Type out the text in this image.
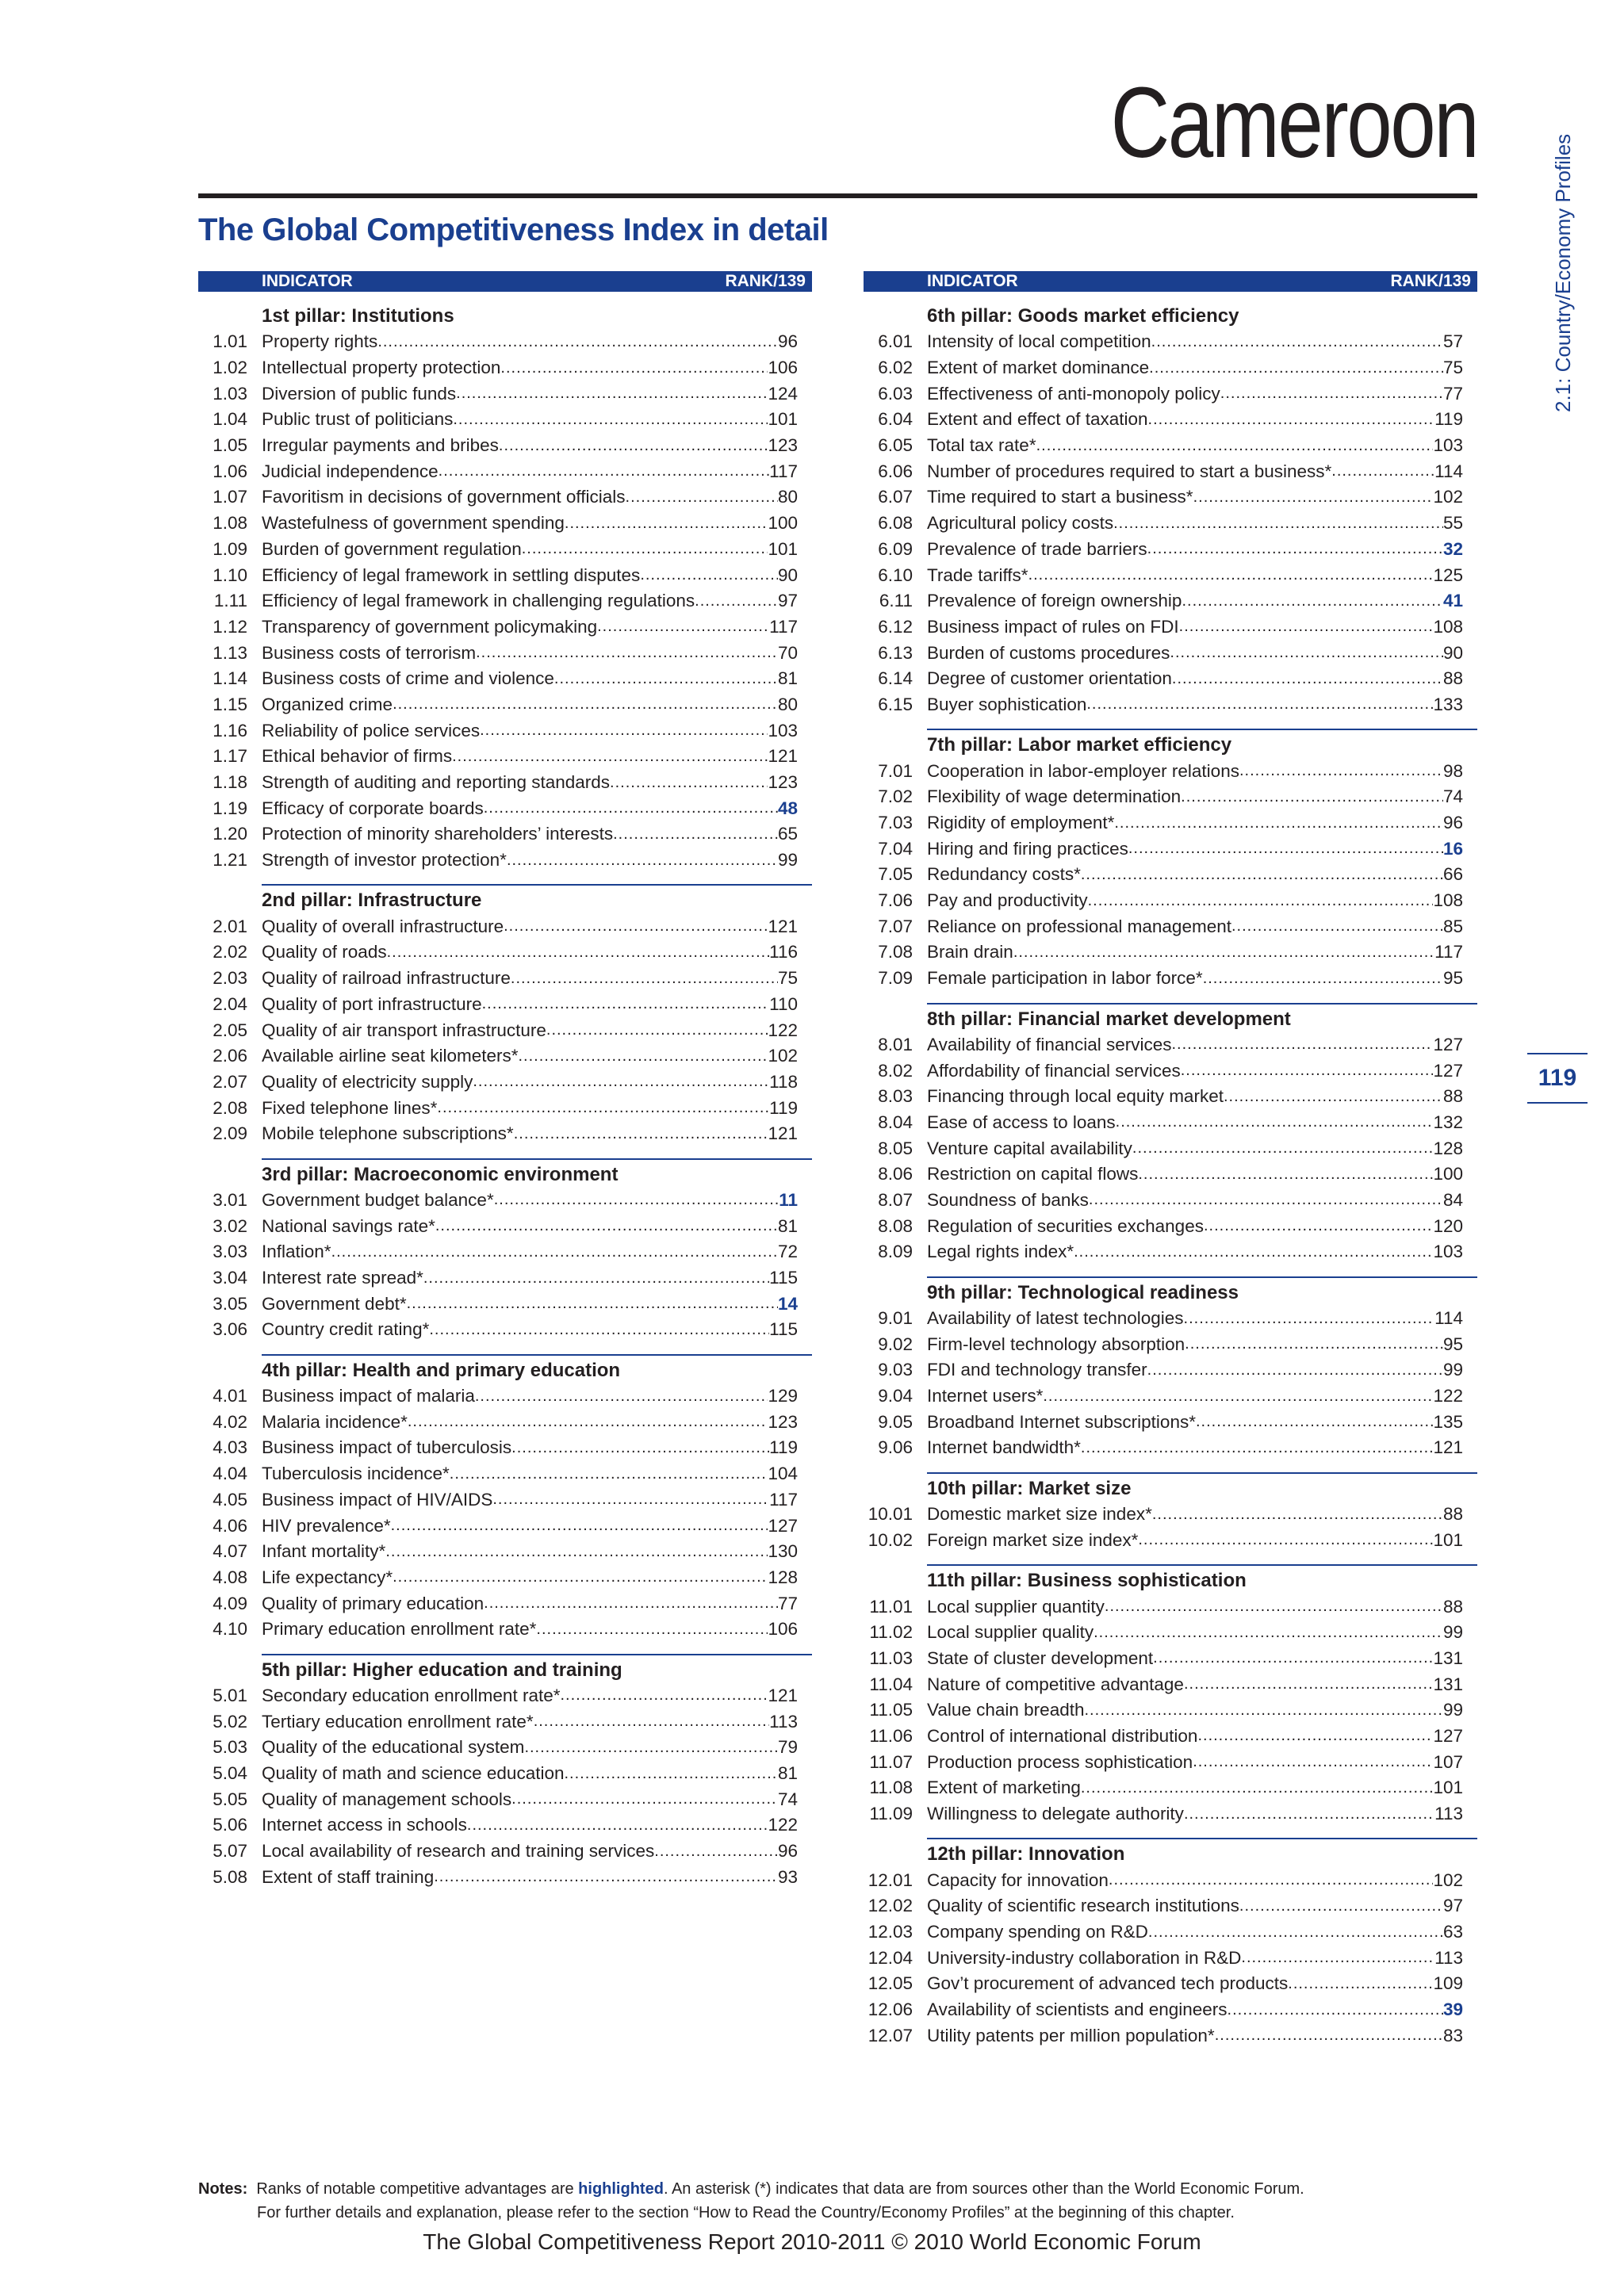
Cameroon
The Global Competitiveness Index in detail	2.1: Country/Economy Profiles
119
INDICATOR	RANK/139
1st pillar: Institutions
1.01 Property rights .....	96
1.02 Intellectual property protection .....	106
1.03 Diversion of public funds .....	124
1.04 Public trust of politicians .....	101
1.05 Irregular payments and bribes .....	123
1.06 Judicial independence .....	117
1.07 Favoritism in decisions of government officials .....	80
1.08 Wastefulness of government spending .....	100
1.09 Burden of government regulation .....	101
1.10 Efficiency of legal framework in settling disputes .....	90
1.11 Efficiency of legal framework in challenging regulations .....	97
1.12 Transparency of government policymaking .....	117
1.13 Business costs of terrorism .....	70
1.14 Business costs of crime and violence .....	81
1.15 Organized crime .....	80
1.16 Reliability of police services .....	103
1.17 Ethical behavior of firms .....	121
1.18 Strength of auditing and reporting standards .....	123
1.19 Efficacy of corporate boards .....	48
1.20 Protection of minority shareholders’ interests .....	65
1.21 Strength of investor protection* .....	99
2nd pillar: Infrastructure
2.01 Quality of overall infrastructure .....	121
2.02 Quality of roads .....	116
2.03 Quality of railroad infrastructure .....	75
2.04 Quality of port infrastructure .....	110
2.05 Quality of air transport infrastructure .....	122
2.06 Available airline seat kilometers* .....	102
2.07 Quality of electricity supply .....	118
2.08 Fixed telephone lines* .....	119
2.09 Mobile telephone subscriptions* .....	121
3rd pillar: Macroeconomic environment
3.01 Government budget balance* .....	11
3.02 National savings rate* .....	81
3.03 Inflation* .....	72
3.04 Interest rate spread* .....	115
3.05 Government debt* .....	14
3.06 Country credit rating* .....	115
4th pillar: Health and primary education
4.01 Business impact of malaria .....	129
4.02 Malaria incidence* .....	123
4.03 Business impact of tuberculosis .....	119
4.04 Tuberculosis incidence* .....	104
4.05 Business impact of HIV/AIDS .....	117
4.06 HIV prevalence* .....	127
4.07 Infant mortality* .....	130
4.08 Life expectancy* .....	128
4.09 Quality of primary education .....	77
4.10 Primary education enrollment rate* .....	106
5th pillar: Higher education and training
5.01 Secondary education enrollment rate* .....	121
5.02 Tertiary education enrollment rate* .....	113
5.03 Quality of the educational system .....	79
5.04 Quality of math and science education .....	81
5.05 Quality of management schools .....	74
5.06 Internet access in schools .....	122
5.07 Local availability of research and training services .....	96
5.08 Extent of staff training .....	93
INDICATOR	RANK/139
6th pillar: Goods market efficiency
6.01 Intensity of local competition .....	57
6.02 Extent of market dominance .....	75
6.03 Effectiveness of anti-monopoly policy .....	77
6.04 Extent and effect of taxation .....	119
6.05 Total tax rate* .....	103
6.06 Number of procedures required to start a business* .....	114
6.07 Time required to start a business* .....	102
6.08 Agricultural policy costs .....	55
6.09 Prevalence of trade barriers .....	32
6.10 Trade tariffs* .....	125
6.11 Prevalence of foreign ownership .....	41
6.12 Business impact of rules on FDI .....	108
6.13 Burden of customs procedures .....	90
6.14 Degree of customer orientation .....	88
6.15 Buyer sophistication .....	133
7th pillar: Labor market efficiency
7.01 Cooperation in labor-employer relations .....	98
7.02 Flexibility of wage determination .....	74
7.03 Rigidity of employment* .....	96
7.04 Hiring and firing practices .....	16
7.05 Redundancy costs* .....	66
7.06 Pay and productivity .....	108
7.07 Reliance on professional management .....	85
7.08 Brain drain .....	117
7.09 Female participation in labor force* .....	95
8th pillar: Financial market development
8.01 Availability of financial services .....	127
8.02 Affordability of financial services .....	127
8.03 Financing through local equity market .....	88
8.04 Ease of access to loans .....	132
8.05 Venture capital availability .....	128
8.06 Restriction on capital flows .....	100
8.07 Soundness of banks .....	84
8.08 Regulation of securities exchanges .....	120
8.09 Legal rights index* .....	103
9th pillar: Technological readiness
9.01 Availability of latest technologies .....	114
9.02 Firm-level technology absorption .....	95
9.03 FDI and technology transfer .....	99
9.04 Internet users* .....	122
9.05 Broadband Internet subscriptions* .....	135
9.06 Internet bandwidth* .....	121
10th pillar: Market size
10.01 Domestic market size index* .....	88
10.02 Foreign market size index* .....	101
11th pillar: Business sophistication
11.01 Local supplier quantity .....	88
11.02 Local supplier quality .....	99
11.03 State of cluster development .....	131
11.04 Nature of competitive advantage .....	131
11.05 Value chain breadth .....	99
11.06 Control of international distribution .....	127
11.07 Production process sophistication .....	107
11.08 Extent of marketing .....	101
11.09 Willingness to delegate authority .....	113
12th pillar: Innovation
12.01 Capacity for innovation .....	102
12.02 Quality of scientific research institutions .....	97
12.03 Company spending on R&D .....	63
12.04 University-industry collaboration in R&D .....	113
12.05 Gov’t procurement of advanced tech products .....	109
12.06 Availability of scientists and engineers .....	39
12.07 Utility patents per million population* .....	83
Notes: Ranks of notable competitive advantages are highlighted. An asterisk (*) indicates that data are from sources other than the World Economic Forum.
For further details and explanation, please refer to the section “How to Read the Country/Economy Profiles” at the beginning of this chapter.
The Global Competitiveness Report 2010-2011 © 2010 World Economic Forum
